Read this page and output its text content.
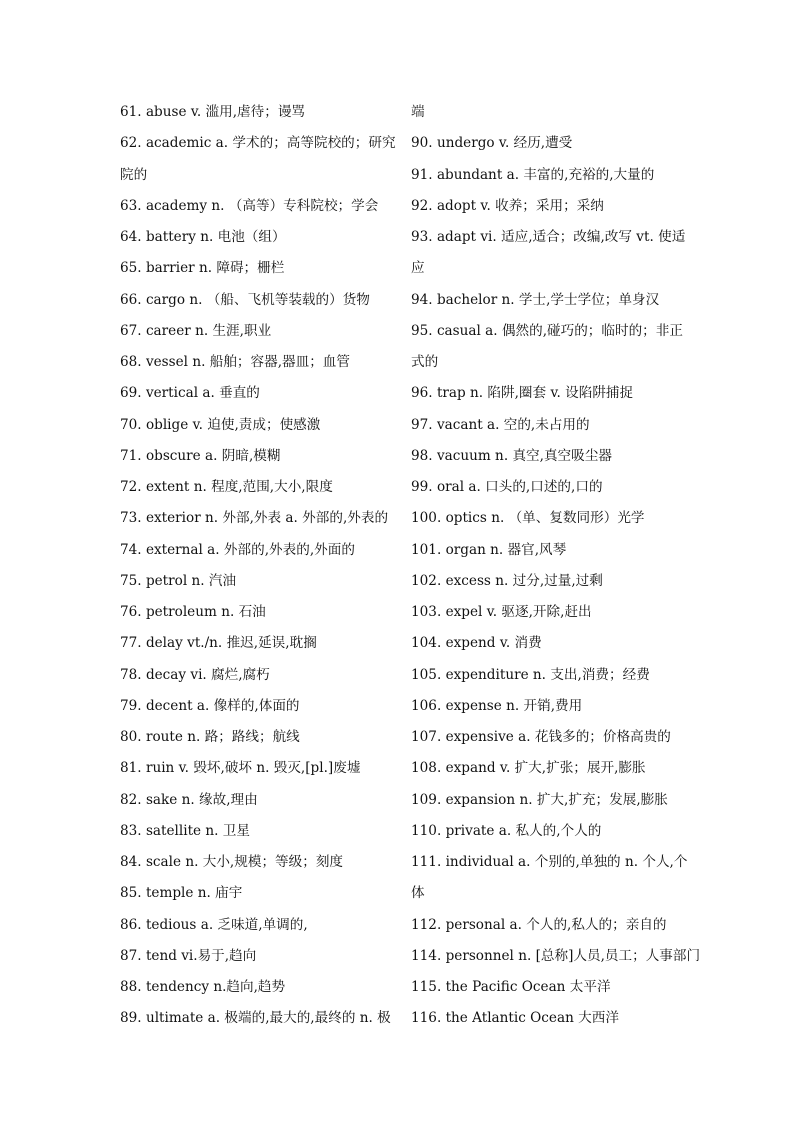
61. abuse v. 滥用,虐待；谩骂
62. academic a. 学术的；高等院校的；研究
院的
63. academy n. （高等）专科院校；学会
64. battery n. 电池（组）
65. barrier n. 障碍；栅栏
66. cargo n. （船、飞机等装载的）货物
67. career n. 生涯,职业
68. vessel n. 船舶；容器,器皿；血管
69. vertical a. 垂直的
70. oblige v. 迫使,责成；使感激
71. obscure a. 阴暗,模糊
72. extent n. 程度,范围,大小,限度
73. exterior n. 外部,外表 a. 外部的,外表的
74. external a. 外部的,外表的,外面的
75. petrol n. 汽油
76. petroleum n. 石油
77. delay vt./n. 推迟,延误,耽搁
78. decay vi. 腐烂,腐朽
79. decent a. 像样的,体面的
80. route n. 路；路线；航线
81. ruin v. 毁坏,破坏 n. 毁灭,[pl.]废墟
82. sake n. 缘故,理由
83. satellite n. 卫星
84. scale n. 大小,规模；等级；刻度
85. temple n. 庙宇
86. tedious a. 乏味道,单调的,
87. tend vi.易于,趋向
88. tendency n.趋向,趋势
89. ultimate a. 极端的,最大的,最终的 n. 极
端
90. undergo v. 经历,遭受
91. abundant a. 丰富的,充裕的,大量的
92. adopt v. 收养；采用；采纳
93. adapt vi. 适应,适合；改编,改写 vt. 使适
应
94. bachelor n. 学士,学士学位；单身汉
95. casual a. 偶然的,碰巧的；临时的；非正
式的
96. trap n. 陷阱,圈套 v. 设陷阱捕捉
97. vacant a. 空的,未占用的
98. vacuum n. 真空,真空吸尘器
99. oral a. 口头的,口述的,口的
100. optics n. （单、复数同形）光学
101. organ n. 器官,风琴
102. excess n. 过分,过量,过剩
103. expel v. 驱逐,开除,赶出
104. expend v. 消费
105. expenditure n. 支出,消费；经费
106. expense n. 开销,费用
107. expensive a. 花钱多的；价格高贵的
108. expand v. 扩大,扩张；展开,膨胀
109. expansion n. 扩大,扩充；发展,膨胀
110. private a. 私人的,个人的
111. individual a. 个别的,单独的 n. 个人,个
体
112. personal a. 个人的,私人的；亲自的
114. personnel n. [总称]人员,员工；人事部门
115. the Pacific Ocean 太平洋
116. the Atlantic Ocean 大西洋
